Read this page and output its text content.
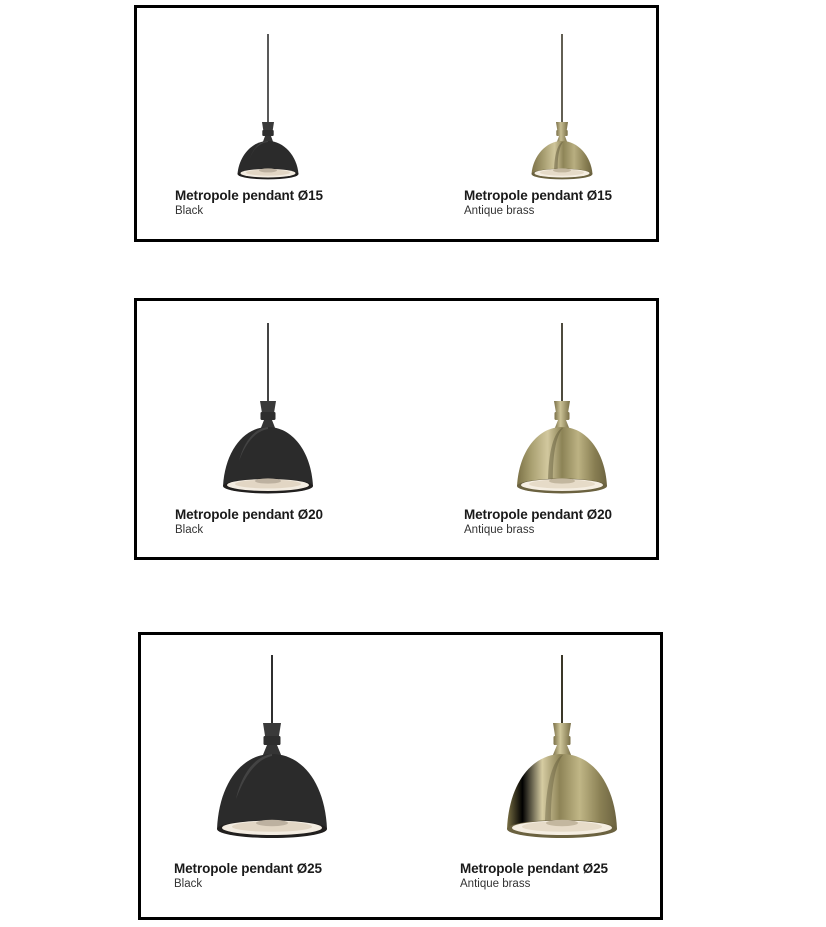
Metropole pendant Ø15
Black
Metropole pendant Ø15
Antique brass
Metropole pendant Ø20
Black
Metropole pendant Ø20
Antique brass
Metropole pendant Ø25
Black
Metropole pendant Ø25
Antique brass
